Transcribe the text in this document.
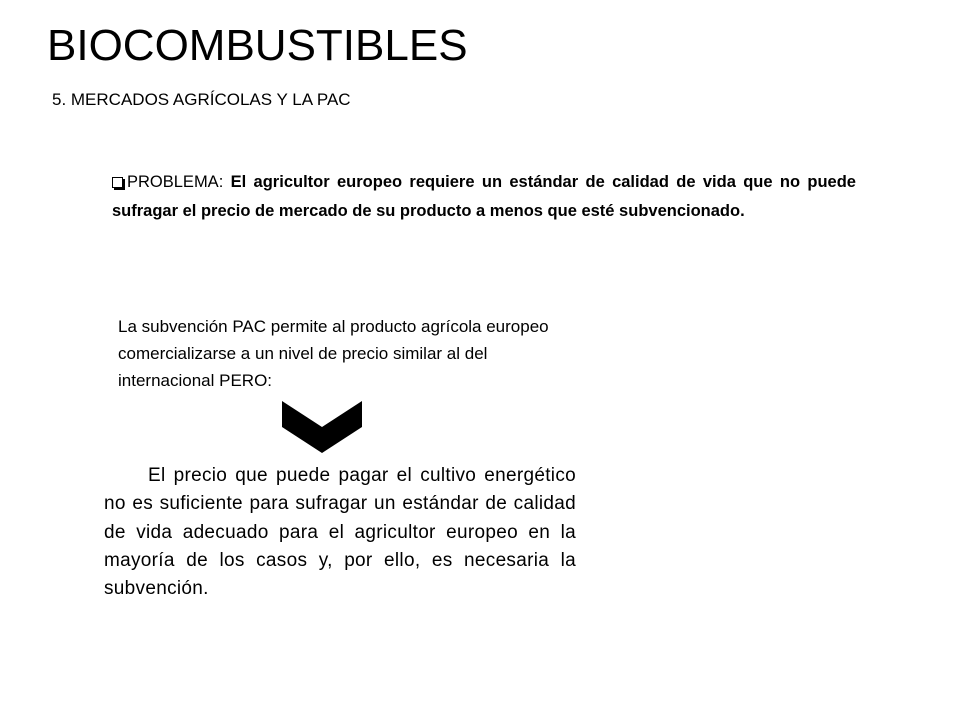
BIOCOMBUSTIBLES
5. MERCADOS AGRÍCOLAS Y LA PAC
PROBLEMA: El agricultor europeo requiere un estándar de calidad de vida que no puede sufragar el precio de mercado de su producto a menos que esté subvencionado.
La subvención PAC permite al producto agrícola europeo comercializarse a un nivel de precio similar al del internacional PERO:
El precio que puede pagar el cultivo energético no es suficiente para sufragar un estándar de calidad de vida adecuado para el agricultor europeo en la mayoría de los casos y, por ello, es necesaria la subvención.
